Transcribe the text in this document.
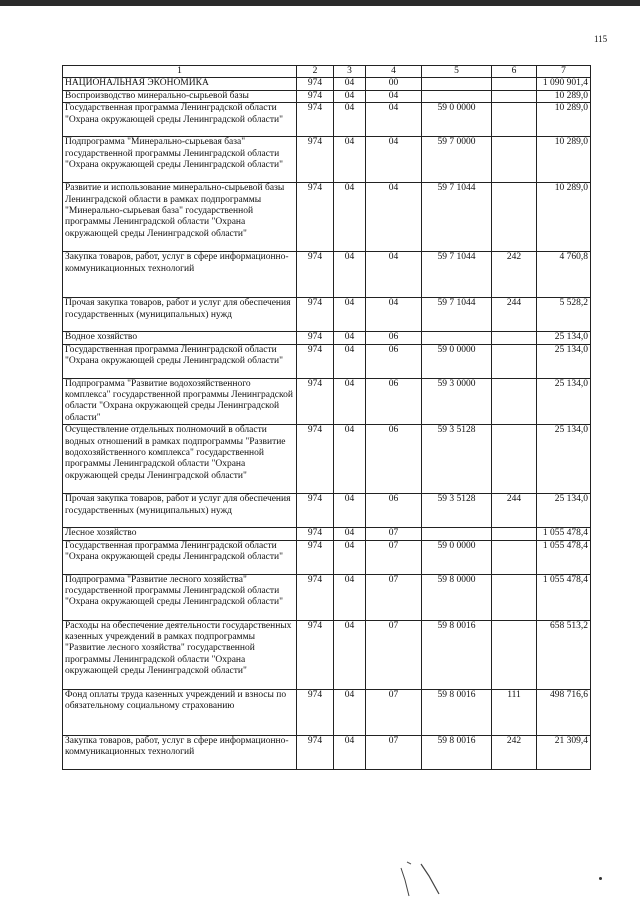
115
1	2	3	4	5	6	7
НАЦИОНАЛЬНАЯ ЭКОНОМИКА	974	04	00			1 090 901,4
Воспроизводство минерально-сырьевой базы	974	04	04			10 289,0
Государственная программа Ленинградской области "Охрана окружающей среды Ленинградской области"	974	04	04	59 0 0000		10 289,0
Подпрограмма "Минерально-сырьевая база" государственной программы Ленинградской области "Охрана окружающей среды Ленинградской области"	974	04	04	59 7 0000		10 289,0
Развитие и использование минерально-сырьевой базы Ленинградской области в рамках подпрограммы "Минерально-сырьевая база" государственной программы Ленинградской области "Охрана окружающей среды Ленинградской области"	974	04	04	59 7 1044		10 289,0
Закупка товаров, работ, услуг в сфере информационно-коммуникационных технологий	974	04	04	59 7 1044	242	4 760,8
Прочая закупка товаров, работ и услуг для обеспечения государственных (муниципальных) нужд	974	04	04	59 7 1044	244	5 528,2
Водное хозяйство	974	04	06			25 134,0
Государственная программа Ленинградской области "Охрана окружающей среды Ленинградской области"	974	04	06	59 0 0000		25 134,0
Подпрограмма "Развитие водохозяйственного комплекса" государственной программы Ленинградской области "Охрана окружающей среды Ленинградской области"	974	04	06	59 3 0000		25 134,0
Осуществление отдельных полномочий в области водных отношений в рамках подпрограммы "Развитие водохозяйственного комплекса" государственной программы Ленинградской области "Охрана окружающей среды Ленинградской области"	974	04	06	59 3 5128		25 134,0
Прочая закупка товаров, работ и услуг для обеспечения государственных (муниципальных) нужд	974	04	06	59 3 5128	244	25 134,0
Лесное хозяйство	974	04	07			1 055 478,4
Государственная программа Ленинградской области "Охрана окружающей среды Ленинградской области"	974	04	07	59 0 0000		1 055 478,4
Подпрограмма "Развитие лесного хозяйства" государственной программы Ленинградской области "Охрана окружающей среды Ленинградской области"	974	04	07	59 8 0000		1 055 478,4
Расходы на обеспечение деятельности государственных казенных учреждений в рамках подпрограммы "Развитие лесного хозяйства" государственной программы Ленинградской области "Охрана окружающей среды Ленинградской области"	974	04	07	59 8 0016		658 513,2
Фонд оплаты труда казенных учреждений и взносы по обязательному социальному страхованию	974	04	07	59 8 0016	111	498 716,6
Закупка товаров, работ, услуг в сфере информационно-коммуникационных технологий	974	04	07	59 8 0016	242	21 309,4
